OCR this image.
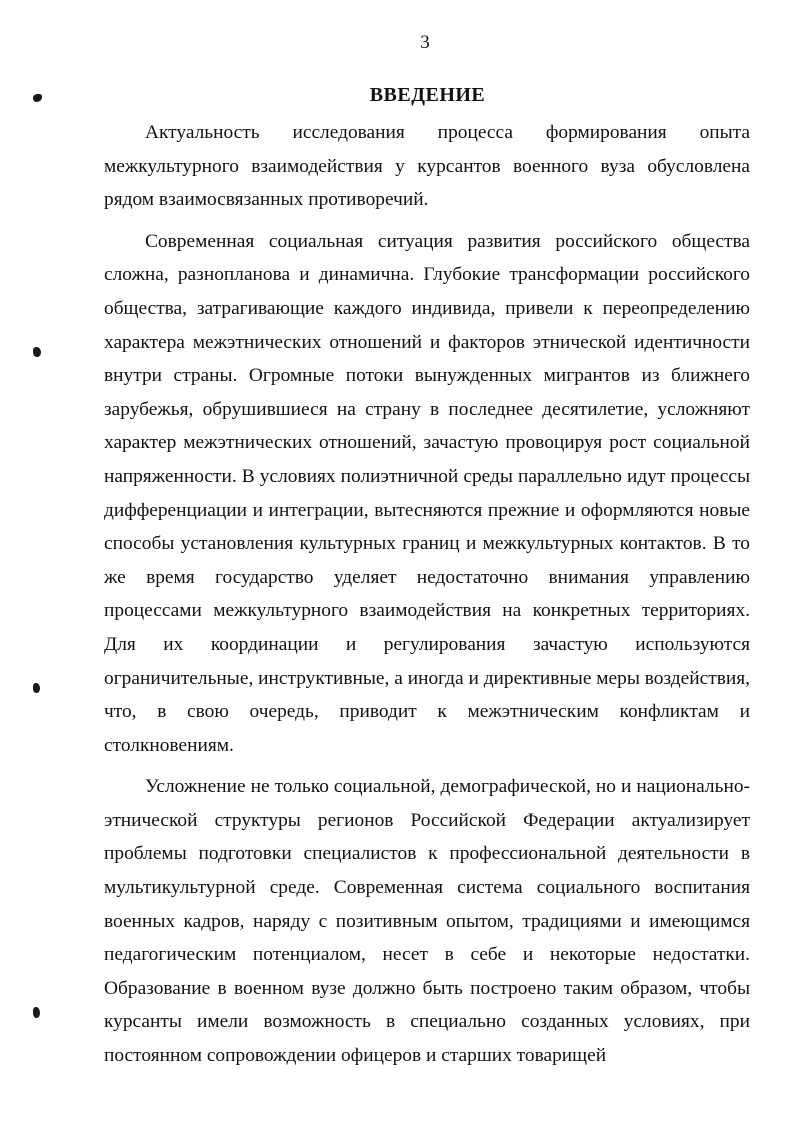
3
ВВЕДЕНИЕ

Актуальность исследования процесса формирования опыта межкультурного взаимодействия у курсантов военного вуза обусловлена рядом взаимосвязанных противоречий.

Современная социальная ситуация развития российского общества сложна, разнопланова и динамична. Глубокие трансформации российского общества, затрагивающие каждого индивида, привели к переопределению характера межэтнических отношений и факторов этнической идентичности внутри страны. Огромные потоки вынужденных мигрантов из ближнего зарубежья, обрушившиеся на страну в последнее десятилетие, усложняют характер межэтнических отношений, зачастую провоцируя рост социальной напряженности. В условиях полиэтничной среды параллельно идут процессы дифференциации и интеграции, вытесняются прежние и оформляются новые способы установления культурных границ и межкультурных контактов. В то же время государство уделяет недостаточно внимания управлению процессами межкультурного взаимодействия на конкретных территориях. Для их координации и регулирования зачастую используются ограничительные, инструктивные, а иногда и директивные меры воздействия, что, в свою очередь, приводит к межэтническим конфликтам и столкновениям.

Усложнение не только социальной, демографической, но и национально-этнической структуры регионов Российской Федерации актуализирует проблемы подготовки специалистов к профессиональной деятельности в мультикультурной среде. Современная система социального воспитания военных кадров, наряду с позитивным опытом, традициями и имеющимся педагогическим потенциалом, несет в себе и некоторые недостатки. Образование в военном вузе должно быть построено таким образом, чтобы курсанты имели возможность в специально созданных условиях, при постоянном сопровождении офицеров и старших товарищей
